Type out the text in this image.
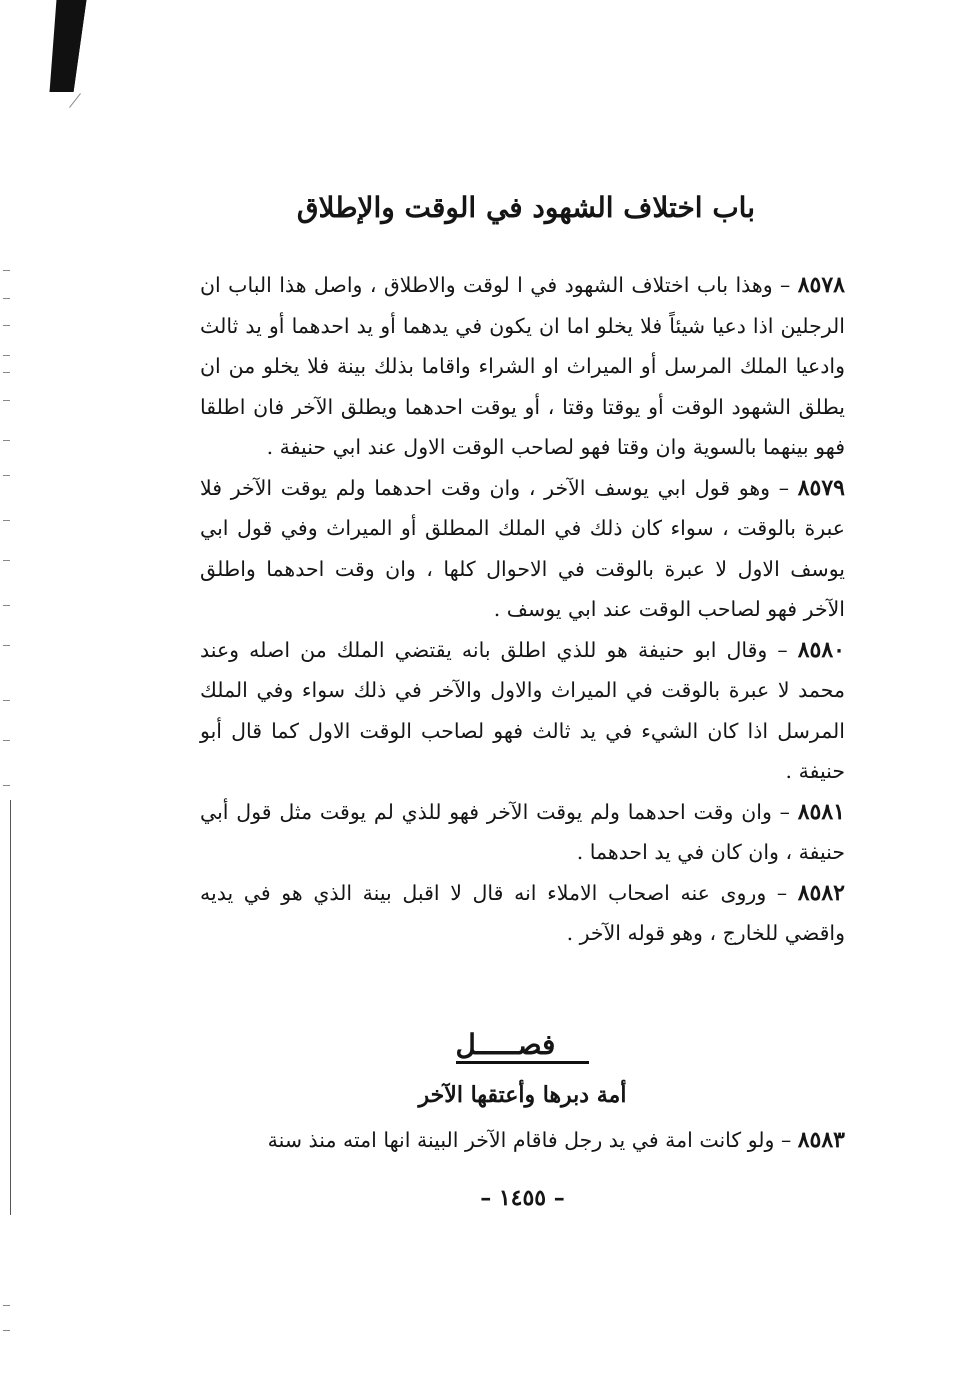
باب اختلاف الشهود في الوقت والإطلاق

٨٥٧٨ – وهذا باب اختلاف الشهود في ا لوقت والاطلاق ، واصل هذا الباب ان الرجلين اذا دعيا شيئاً فلا يخلو اما ان يكون في يدهما أو يد احدهما أو يد ثالث وادعيا الملك المرسل أو الميراث او الشراء واقاما بذلك بينة فلا يخلو من ان يطلق الشهود الوقت أو يوقتا وقتا ، أو يوقت احدهما ويطلق الآخر فان اطلقا فهو بينهما بالسوية وان وقتا فهو لصاحب الوقت الاول عند ابي حنيفة .

٨٥٧٩ – وهو قول ابي يوسف الآخر ، وان وقت احدهما ولم يوقت الآخر فلا عبرة بالوقت ، سواء كان ذلك في الملك المطلق أو الميراث وفي قول ابي يوسف الاول لا عبرة بالوقت في الاحوال كلها ، وان وقت احدهما واطلق الآخر فهو لصاحب الوقت عند ابي يوسف .

٨٥٨٠ – وقال ابو حنيفة هو للذي اطلق بانه يقتضي الملك من اصله وعند محمد لا عبرة بالوقت في الميراث والاول والآخر في ذلك سواء وفي الملك المرسل اذا كان الشيء في يد ثالث فهو لصاحب الوقت الاول كما قال أبو حنيفة .

٨٥٨١ – وان وقت احدهما ولم يوقت الآخر فهو للذي لم يوقت مثل قول أبي حنيفة ، وان كان في يد احدهما .

٨٥٨٢ – وروى عنه اصحاب الاملاء انه قال لا اقبل بينة الذي هو في يديه واقضي للخارج ، وهو قوله الآخر .

فصـــــل
أمة دبرها وأعتقها الآخر
٨٥٨٣ – ولو كانت امة في يد رجل فاقام الآخر البينة انها امته منذ سنة
– ١٤٥٥ –
